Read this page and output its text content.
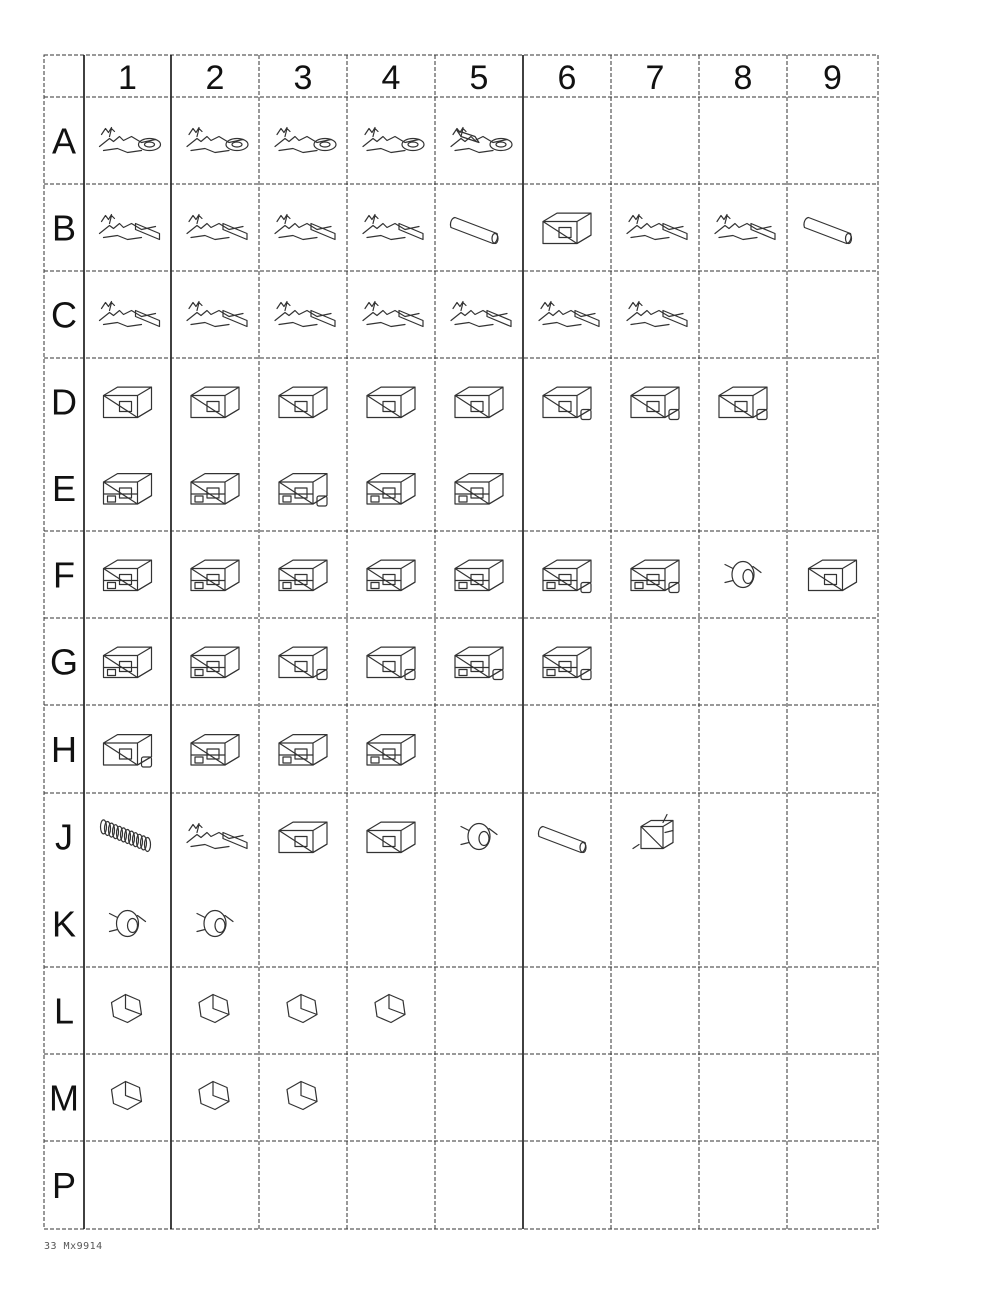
1 2 3 4 5 6 7 8 9
A
B
C
D
E
F
G
H
J
K
L
M
P
33 Mx9914
